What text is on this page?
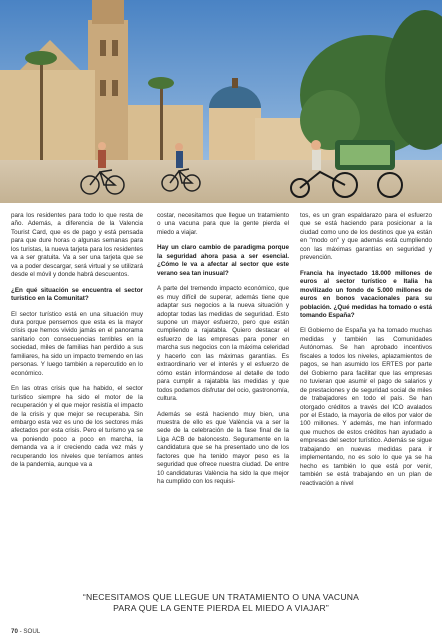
para los residentes para todo lo que resta de año. Además, a diferencia de la Valencia Tourist Card, que es de pago y está pensada para que dure horas o algunas semanas para los turistas, la nueva tarjeta para los residentes va a ser gratuita. Va a ser una tarjeta que se va a poder descargar, será virtual y se utilizará desde el móvil y donde habrá descuentos.

¿En qué situación se encuentra el sector turístico en la Comunitat?

El sector turístico está en una situación muy dura porque pensemos que esta es la mayor crisis que hemos vivido jamás en el panorama sanitario con consecuencias terribles en la sociedad, miles de familias han perdido a sus familiares, ha sido un impacto tremendo en las personas. Y luego también a repercutido en lo económico.

En las otras crisis que ha habido, el sector turístico siempre ha sido el motor de la recuperación y el que mejor resistía el impacto de la crisis y que mejor se recuperaba. Sin embargo esta vez es uno de los sectores más afectados por esta crisis. Pero el turismo ya se va poniendo poco a poco en marcha, la demanda va a ir creciendo cada vez más y recuperando los niveles que teníamos antes de la pandemia, aunque va a

costar, necesitamos que llegue un tratamiento o una vacuna para que la gente pierda el miedo a viajar.

Hay un claro cambio de paradigma porque la seguridad ahora pasa a ser esencial. ¿Cómo le va a afectar al sector que este verano sea tan inusual?

A parte del tremendo impacto económico, que es muy difícil de superar, además tiene que adaptar sus negocios a la nueva situación y adoptar todas las medidas de seguridad. Esto supone un mayor esfuerzo, pero que están cumpliendo a rajatabla. Quiero destacar el esfuerzo de las empresas para poner en marcha sus negocios con la máxima celeridad y hacerlo con las máximas garantías. Es extraordinario ver el interés y el esfuerzo de cómo están informándose al detalle de todo para cumplir a rajatabla las medidas y que todos podamos disfrutar del ocio, gastronomía, cultura.

Además se está haciendo muy bien, una muestra de ello es que València va a ser la sede de la celebración de la fase final de la Liga ACB de baloncesto. Seguramente en la candidatura que se ha presentado uno de los factores que ha tenido mayor peso es la seguridad que ofrece nuestra ciudad. De entre 10 candidaturas València ha sido la que mejor ha cumplido con los requisi-

tos, es un gran espaldarazo para el esfuerzo que se está haciendo para posicionar a la ciudad como uno de los destinos que ya están en "modo on" y que además está cumpliendo con las máximas garantías en seguridad y prevención.

Francia ha inyectado 18.000 millones de euros al sector turístico e Italia ha movilizado un fondo de 5.000 millones de euros en bonos vacacionales para su población. ¿Qué medidas ha tomado o está tomando España?

El Gobierno de España ya ha tomado muchas medidas y también las Comunidades Autónomas. Se han aprobado incentivos fiscales a todos los niveles, aplazamientos de pagos, se han asumido los ERTES por parte del Gobierno para facilitar que las empresas no tuvieran que asumir el pago de salarios y de prestaciones y de seguridad social de miles de trabajadores en todo el país. Se han otorgado créditos a través del ICO avalados por el Estado, la mayoría de ellos por valor de 100 millones. Y además, me han informado que muchos de estos créditos han ayudado a empresas del sector turístico. Además se sigue trabajando en nuevas medidas para ir implementando, no es solo lo que ya se ha hecho es también lo que está por venir, también se está trabajando en un plan de reactivación a nivel

“NECESITAMOS QUE LLEGUE UN TRATAMIENTO O UNA VACUNA
PARA QUE LA GENTE PIERDA EL MIEDO A VIAJAR”
70 - SOUL
